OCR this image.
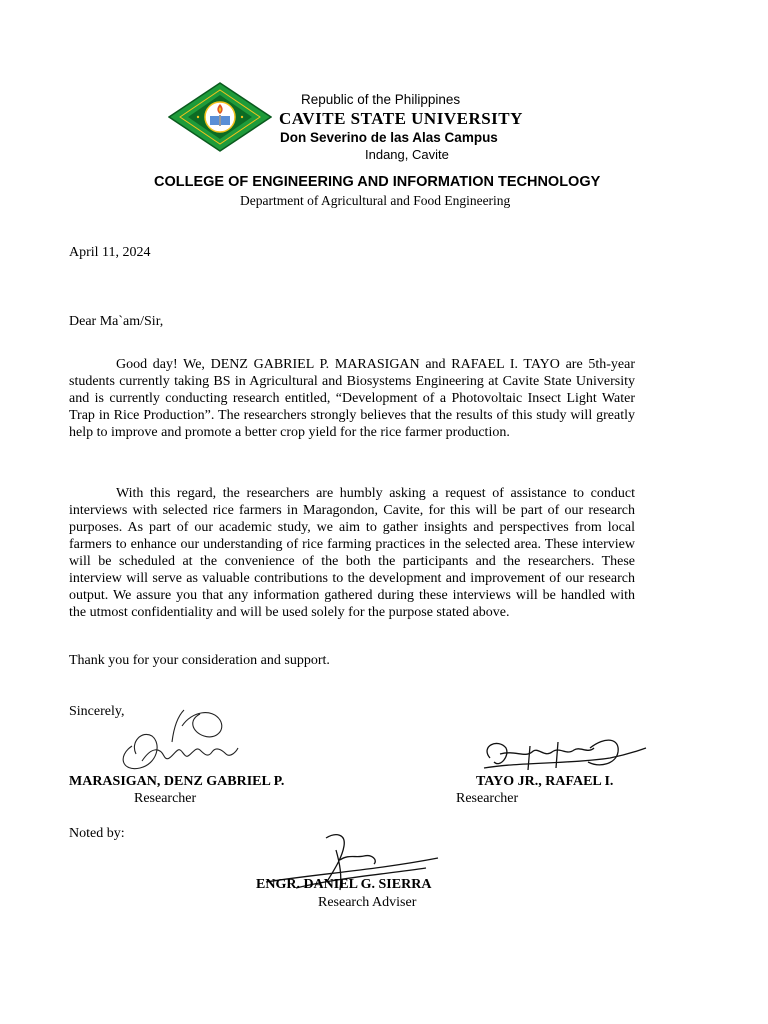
Republic of the Philippines
CAVITE STATE UNIVERSITY
Don Severino de las Alas Campus
Indang, Cavite
COLLEGE OF ENGINEERING AND INFORMATION TECHNOLOGY
Department of Agricultural and Food Engineering
April 11, 2024
Dear Ma`am/Sir,

Good day! We, DENZ GABRIEL P. MARASIGAN and RAFAEL I. TAYO are 5th-year students currently taking BS in Agricultural and Biosystems Engineering at Cavite State University and is currently conducting research entitled, “Development of a Photovoltaic Insect Light Water Trap in Rice Production”. The researchers strongly believes that the results of this study will greatly help to improve and promote a better crop yield for the rice farmer production.

With this regard, the researchers are humbly asking a request of assistance to conduct interviews with selected rice farmers in Maragondon, Cavite, for this will be part of our research purposes. As part of our academic study, we aim to gather insights and perspectives from local farmers to enhance our understanding of rice farming practices in the selected area. These interview will be scheduled at the convenience of the both the participants and the researchers. These interview will serve as valuable contributions to the development and improvement of our research output. We assure you that any information gathered during these interviews will be handled with the utmost confidentiality and will be used solely for the purpose stated above.

Thank you for your consideration and support.
Sincerely,
MARASIGAN, DENZ GABRIEL P.
Researcher
TAYO JR., RAFAEL I.
Researcher
Noted by:
ENGR. DANIEL G. SIERRA
Research Adviser
